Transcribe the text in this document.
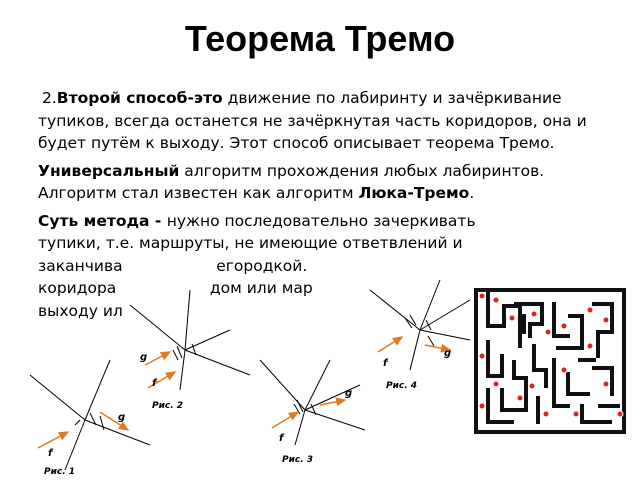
Теорема Тремо

2.Второй способ-это движение по лабиринту и зачёркивание тупиков, всегда останется не зачёркнутая часть коридоров, она и будет путём к выходу. Этот способ описывает теорема Тремо.

Универсальный алгоритм прохождения любых лабиринтов. Алгоритм стал известен как алгоритм Люка-Тремо.

Суть метода - нужно последовательно зачеркивать
тупики, т.е. маршруты, не имеющие ответвлений и
заканчива                   егородкой.
коридора                   дом или мар
выходу ил

f
g
f
g
f
g
f
g
Рис. 1
Рис. 2
Рис. 3
Рис. 4
